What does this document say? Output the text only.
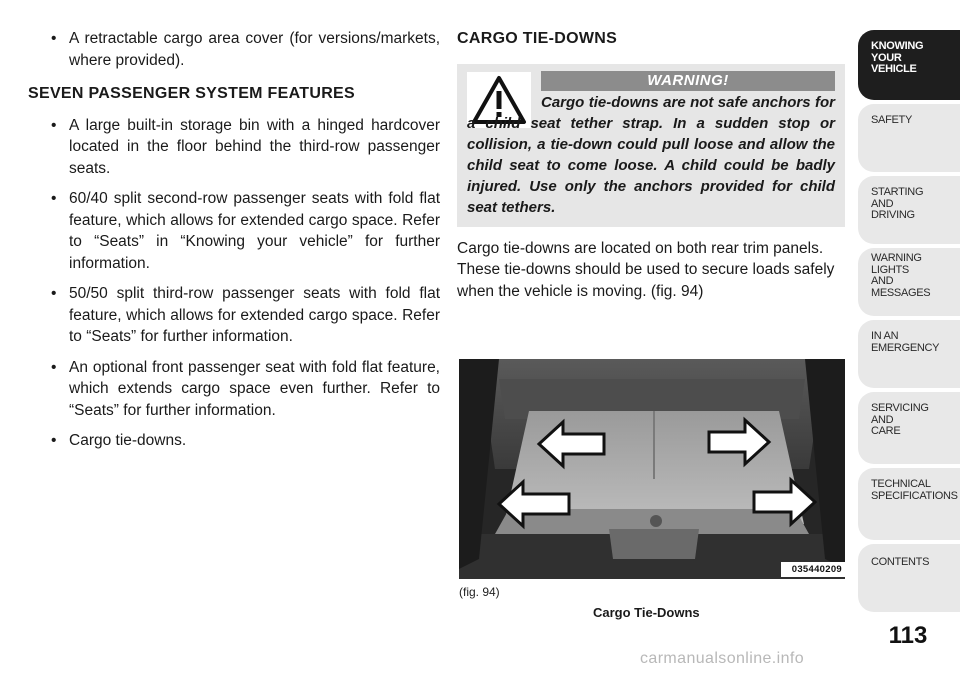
• A retractable cargo area cover (for versions/markets, where provided).
SEVEN PASSENGER SYSTEM FEATURES
• A large built-in storage bin with a hinged hardcover located in the floor behind the third-row passenger seats.
• 60/40 split second-row passenger seats with fold flat feature, which allows for extended cargo space. Refer to “Seats” in “Knowing your vehicle” for further information.
• 50/50 split third-row passenger seats with fold flat feature, which allows for extended cargo space. Refer to “Seats” for further information.
• An optional front passenger seat with fold flat feature, which extends cargo space even further. Refer to “Seats” for further information.
• Cargo tie-downs.
CARGO TIE-DOWNS
WARNING!
Cargo tie-downs are not safe anchors for a child seat tether strap. In a sudden stop or collision, a tie-down could pull loose and allow the child seat to come loose. A child could be badly injured. Use only the anchors provided for child seat tethers.
Cargo tie-downs are located on both rear trim panels. These tie-downs should be used to secure loads safely when the vehicle is moving. (fig. 94)
035440209
(fig. 94)
Cargo Tie-Downs
KNOWING
YOUR
VEHICLE
SAFETY
STARTING
AND
DRIVING
WARNING
LIGHTS
AND
MESSAGES
IN AN
EMERGENCY
SERVICING
AND
CARE
TECHNICAL
SPECIFICATIONS
CONTENTS
113
carmanualsonline.info
